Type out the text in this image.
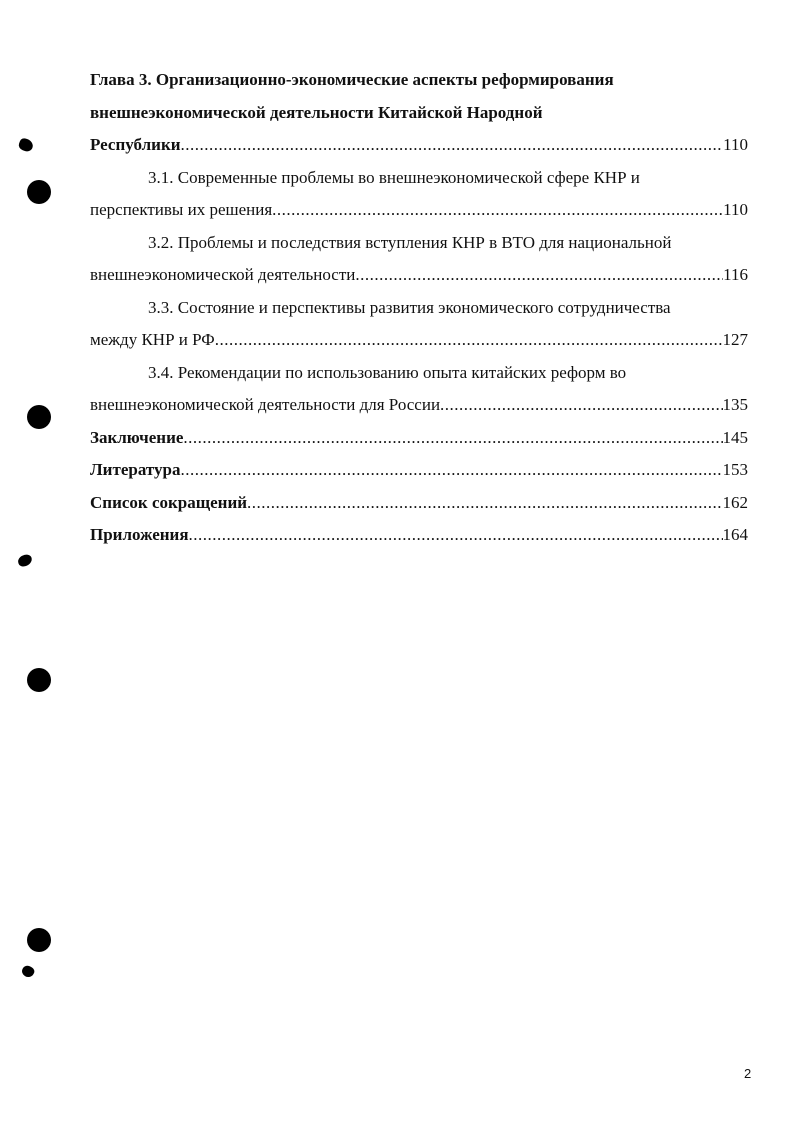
Глава 3. Организационно-экономические аспекты реформирования
внешнеэкономической деятельности Китайской Народной
Республики .....	110
3.1. Современные проблемы во внешнеэкономической сфере КНР и
перспективы их решения .....	110
3.2. Проблемы и последствия вступления КНР в ВТО для национальной
внешнеэкономической деятельности .....	116
3.3. Состояние и перспективы развития экономического сотрудничества
между КНР и РФ .....	127
3.4. Рекомендации по использованию опыта китайских реформ во
внешнеэкономической деятельности для России .....	135
Заключение .....	145
Литература .....	153
Список сокращений .....	162
Приложения .....	164
2
